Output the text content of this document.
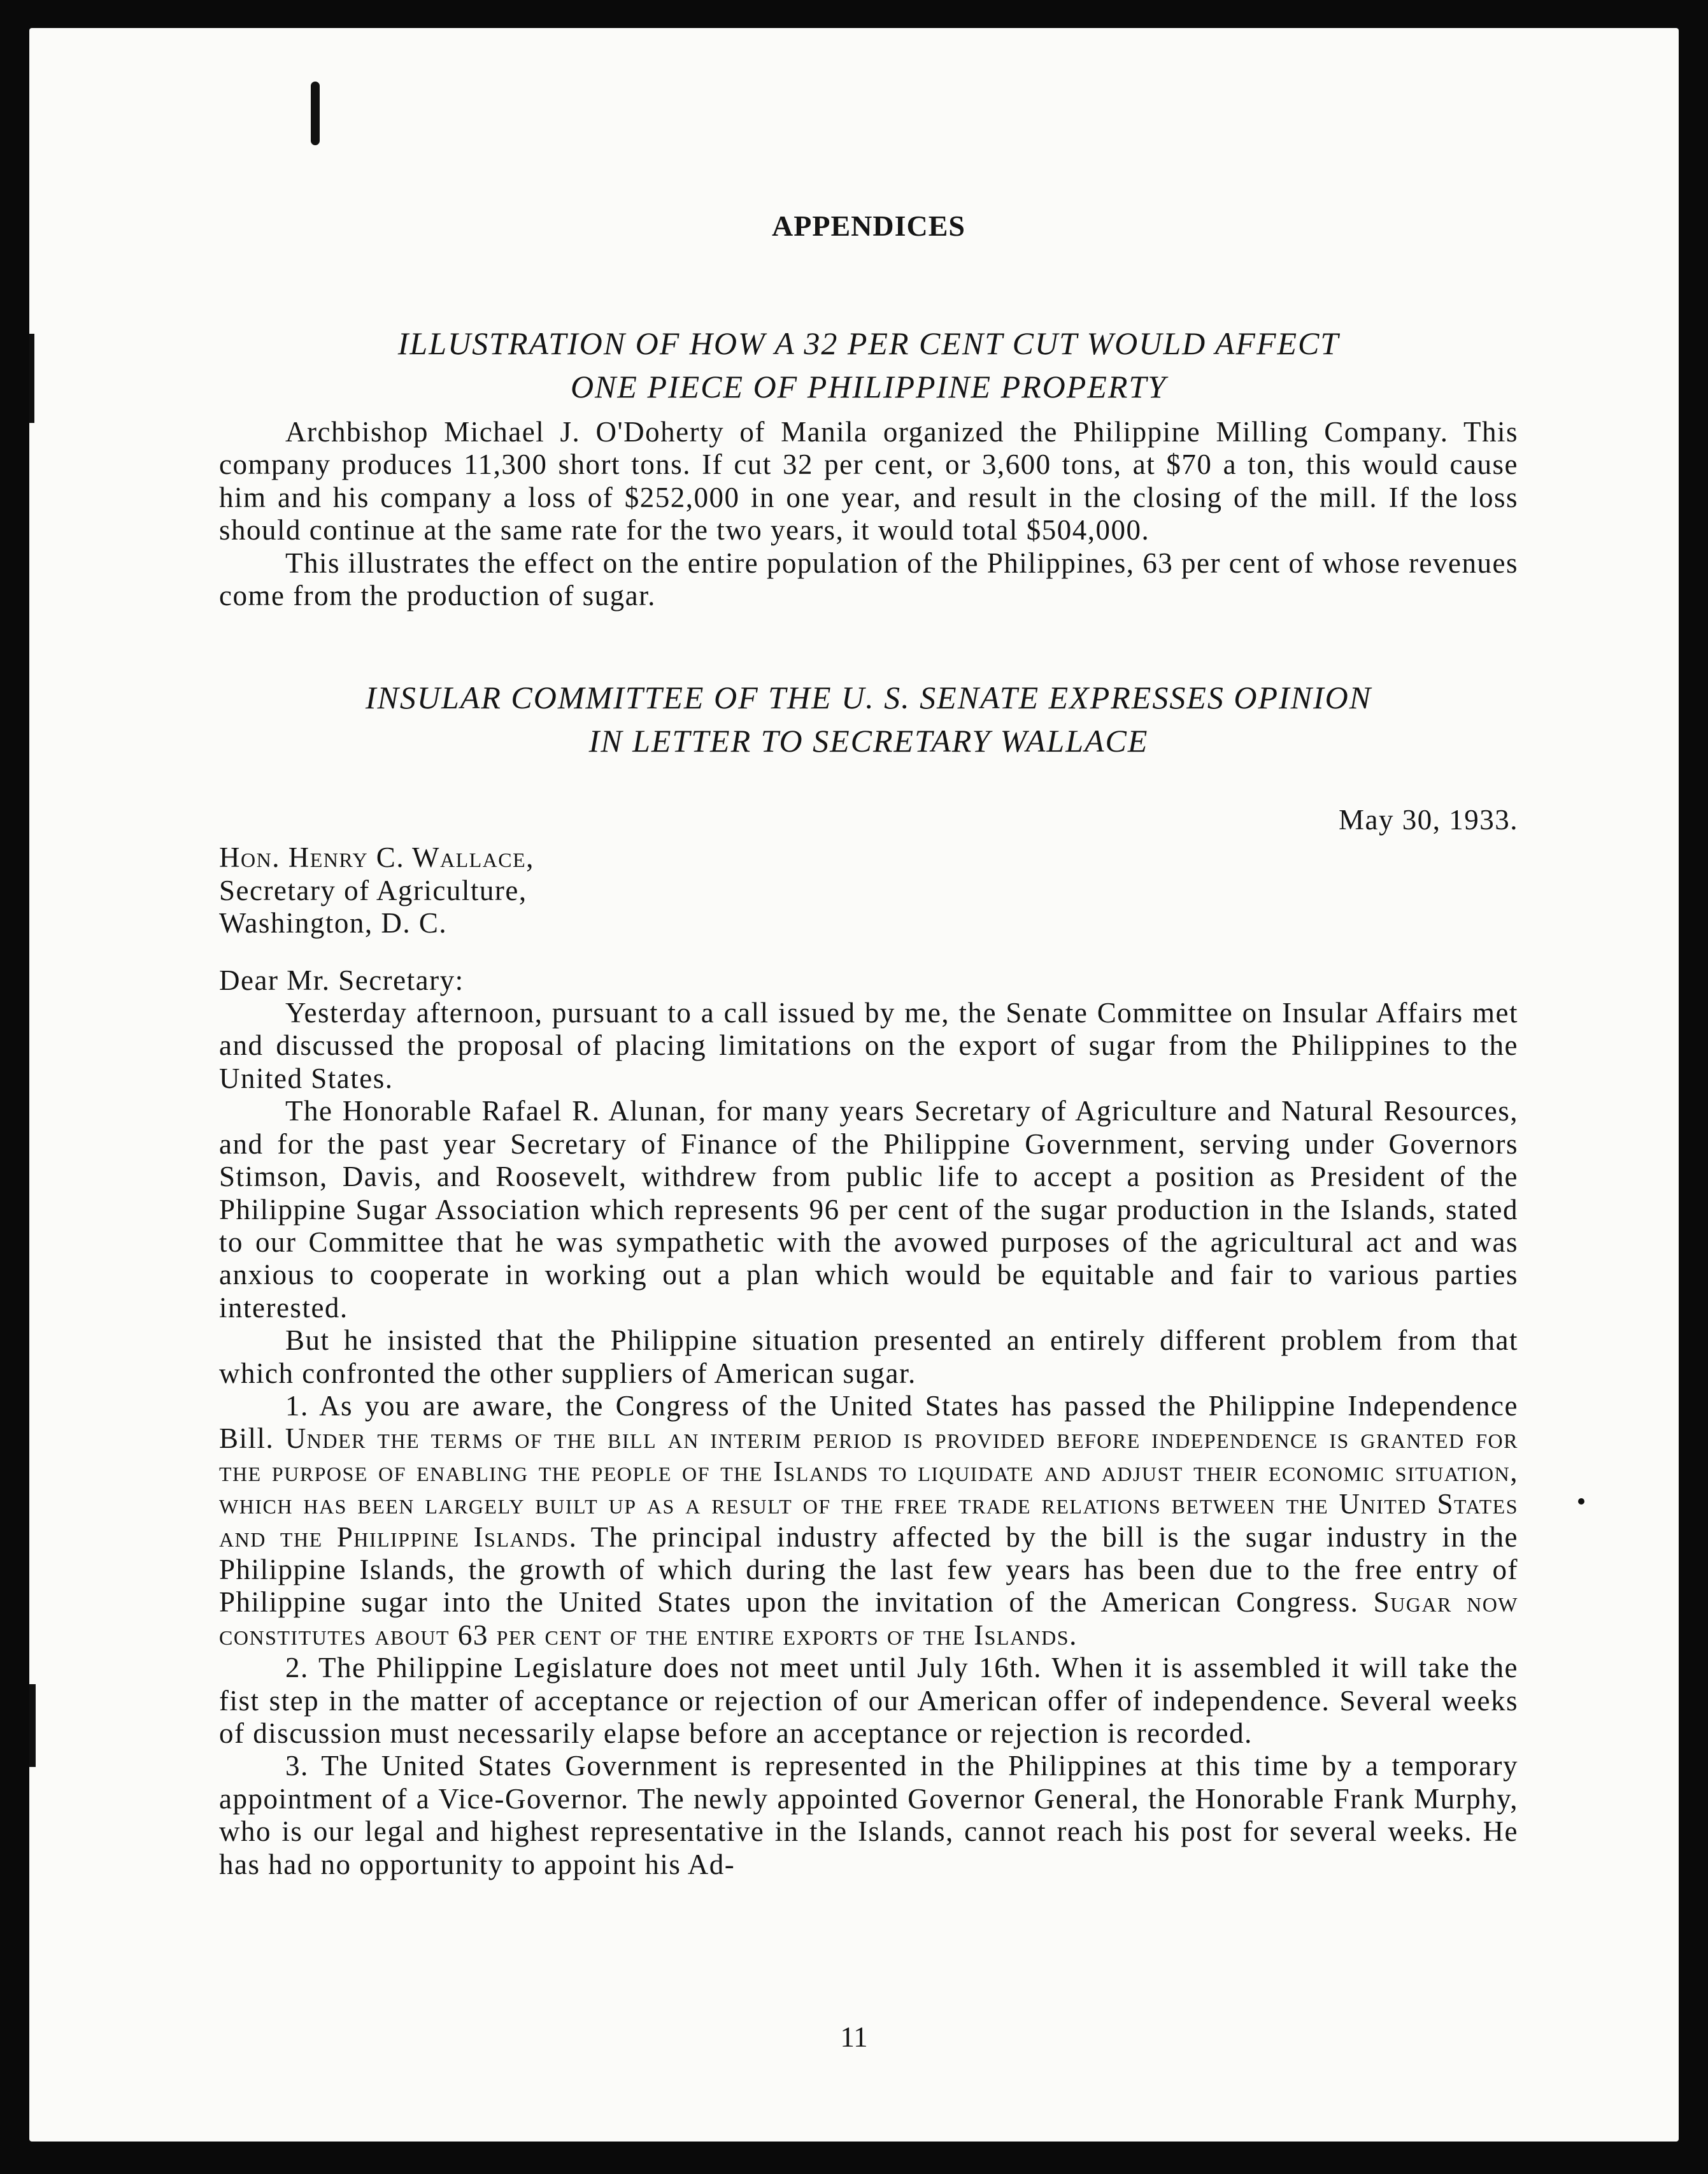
APPENDICES
ILLUSTRATION OF HOW A 32 PER CENT CUT WOULD AFFECT
ONE PIECE OF PHILIPPINE PROPERTY

Archbishop Michael J. O'Doherty of Manila organized the Philippine Milling Company. This company produces 11,300 short tons. If cut 32 per cent, or 3,600 tons, at $70 a ton, this would cause him and his company a loss of $252,000 in one year, and result in the closing of the mill. If the loss should continue at the same rate for the two years, it would total $504,000.

This illustrates the effect on the entire population of the Philippines, 63 per cent of whose revenues come from the production of sugar.

INSULAR COMMITTEE OF THE U. S. SENATE EXPRESSES OPINION
IN LETTER TO SECRETARY WALLACE
May 30, 1933.

Hon. Henry C. Wallace,

Secretary of Agriculture,

Washington, D. C.

Dear Mr. Secretary:

Yesterday afternoon, pursuant to a call issued by me, the Senate Committee on Insular Affairs met and discussed the proposal of placing limitations on the export of sugar from the Philippines to the United States.

The Honorable Rafael R. Alunan, for many years Secretary of Agriculture and Natural Resources, and for the past year Secretary of Finance of the Philippine Government, serving under Governors Stimson, Davis, and Roosevelt, withdrew from public life to accept a position as President of the Philippine Sugar Association which represents 96 per cent of the sugar production in the Islands, stated to our Committee that he was sympathetic with the avowed purposes of the agricultural act and was anxious to cooperate in working out a plan which would be equitable and fair to various parties interested.

But he insisted that the Philippine situation presented an entirely different problem from that which confronted the other suppliers of American sugar.

1. As you are aware, the Congress of the United States has passed the Philippine Independence Bill. Under the terms of the bill an interim period is provided before independence is granted for the purpose of enabling the people of the Islands to liquidate and adjust their economic situation, which has been largely built up as a result of the free trade relations between the United States and the Philippine Islands. The principal industry affected by the bill is the sugar industry in the Philippine Islands, the growth of which during the last few years has been due to the free entry of Philippine sugar into the United States upon the invitation of the American Congress. Sugar now constitutes about 63 per cent of the entire exports of the Islands.

2. The Philippine Legislature does not meet until July 16th. When it is assembled it will take the fist step in the matter of acceptance or rejection of our American offer of independence. Several weeks of discussion must necessarily elapse before an acceptance or rejection is recorded.

3. The United States Government is represented in the Philippines at this time by a temporary appointment of a Vice-Governor. The newly appointed Governor General, the Honorable Frank Murphy, who is our legal and highest representative in the Islands, cannot reach his post for several weeks. He has had no opportunity to appoint his Ad-

11
